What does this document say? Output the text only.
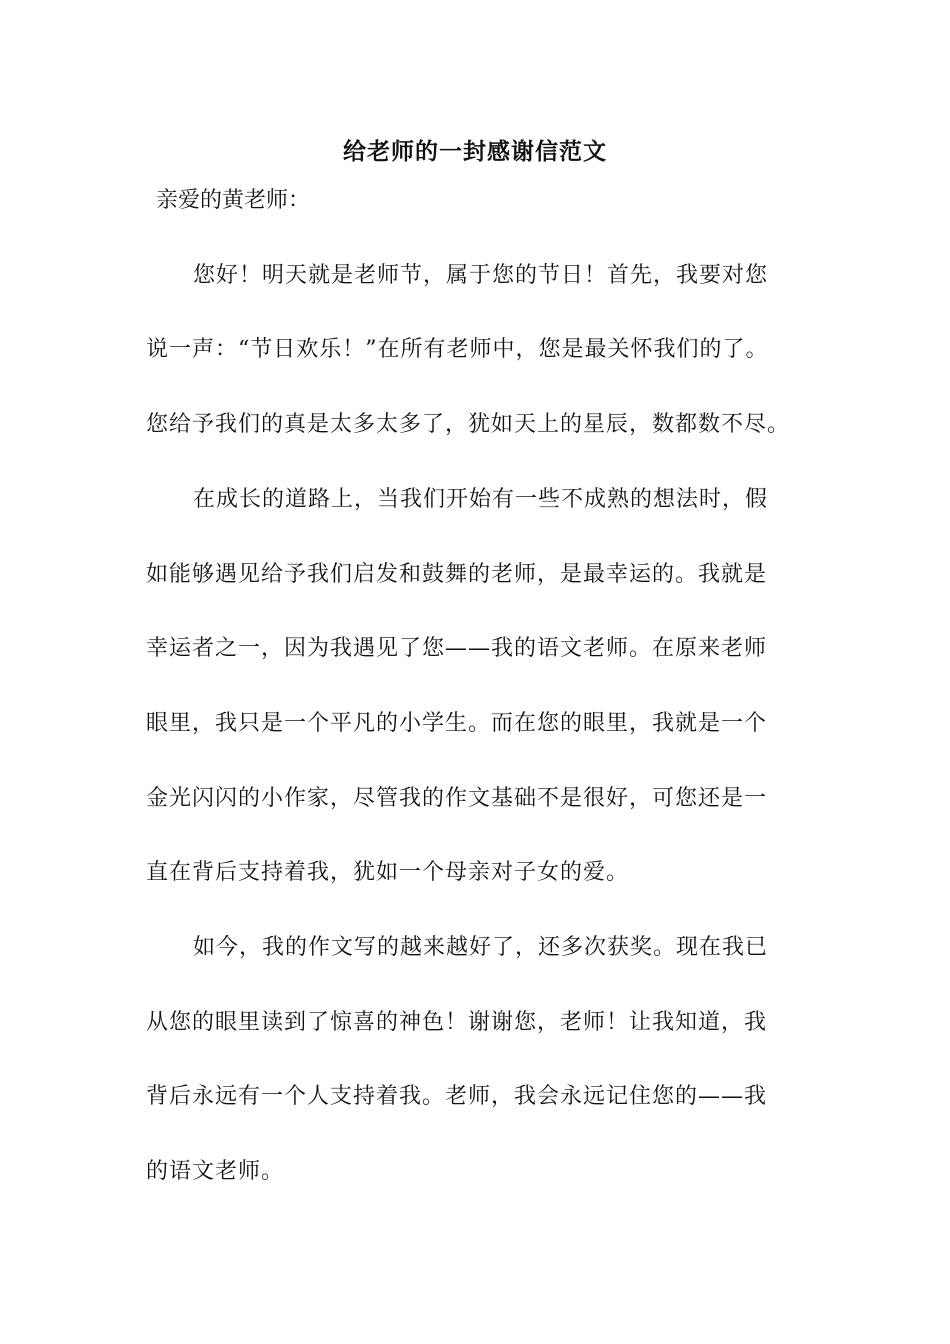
给老师的一封感谢信范文
亲爱的黄老师：
您好！明天就是老师节，属于您的节日！首先，我要对您
说一声：“节日欢乐！”在所有老师中，您是最关怀我们的了。
您给予我们的真是太多太多了，犹如天上的星辰，数都数不尽。
在成长的道路上，当我们开始有一些不成熟的想法时，假
如能够遇见给予我们启发和鼓舞的老师，是最幸运的。我就是
幸运者之一，因为我遇见了您——我的语文老师。在原来老师
眼里，我只是一个平凡的小学生。而在您的眼里，我就是一个
金光闪闪的小作家，尽管我的作文基础不是很好，可您还是一
直在背后支持着我，犹如一个母亲对子女的爱。
如今，我的作文写的越来越好了，还多次获奖。现在我已
从您的眼里读到了惊喜的神色！谢谢您，老师！让我知道，我
背后永远有一个人支持着我。老师，我会永远记住您的——我
的语文老师。
